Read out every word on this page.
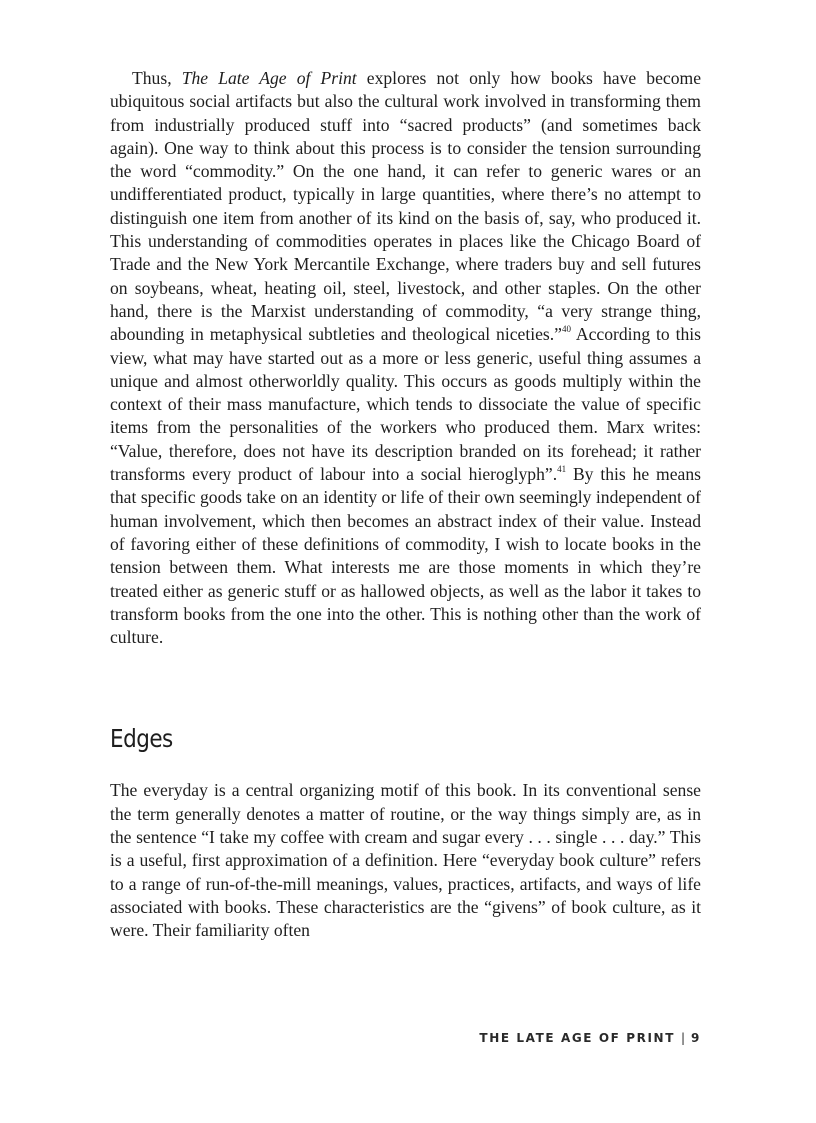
Thus, The Late Age of Print explores not only how books have become ubiquitous social artifacts but also the cultural work involved in transforming them from industrially produced stuff into “sacred products” (and sometimes back again). One way to think about this process is to consider the tension surrounding the word “commodity.” On the one hand, it can refer to generic wares or an undifferentiated product, typically in large quantities, where there’s no attempt to distinguish one item from another of its kind on the basis of, say, who produced it. This understanding of commodities operates in places like the Chicago Board of Trade and the New York Mercantile Exchange, where traders buy and sell futures on soybeans, wheat, heating oil, steel, livestock, and other staples. On the other hand, there is the Marxist understanding of commodity, “a very strange thing, abounding in metaphysical subtleties and theological niceties.”$^{40}$ According to this view, what may have started out as a more or less generic, useful thing assumes a unique and almost otherworldly quality. This occurs as goods multiply within the context of their mass manufacture, which tends to dissociate the value of specific items from the personalities of the workers who produced them. Marx writes: “Value, therefore, does not have its description branded on its forehead; it rather transforms every product of labour into a social hieroglyph”.$^{41}$ By this he means that specific goods take on an identity or life of their own seemingly independent of human involvement, which then becomes an abstract index of their value. Instead of favoring either of these definitions of commodity, I wish to locate books in the tension between them. What interests me are those moments in which they’re treated either as generic stuff or as hallowed objects, as well as the labor it takes to transform books from the one into the other. This is nothing other than the work of culture.

Edges

The everyday is a central organizing motif of this book. In its conventional sense the term generally denotes a matter of routine, or the way things simply are, as in the sentence “I take my coffee with cream and sugar every . . . single . . . day.” This is a useful, first approximation of a definition. Here “everyday book culture” refers to a range of run-of-the-mill meanings, values, practices, artifacts, and ways of life associated with books. These characteristics are the “givens” of book culture, as it were. Their familiarity often

THE LATE AGE OF PRINT | 9
